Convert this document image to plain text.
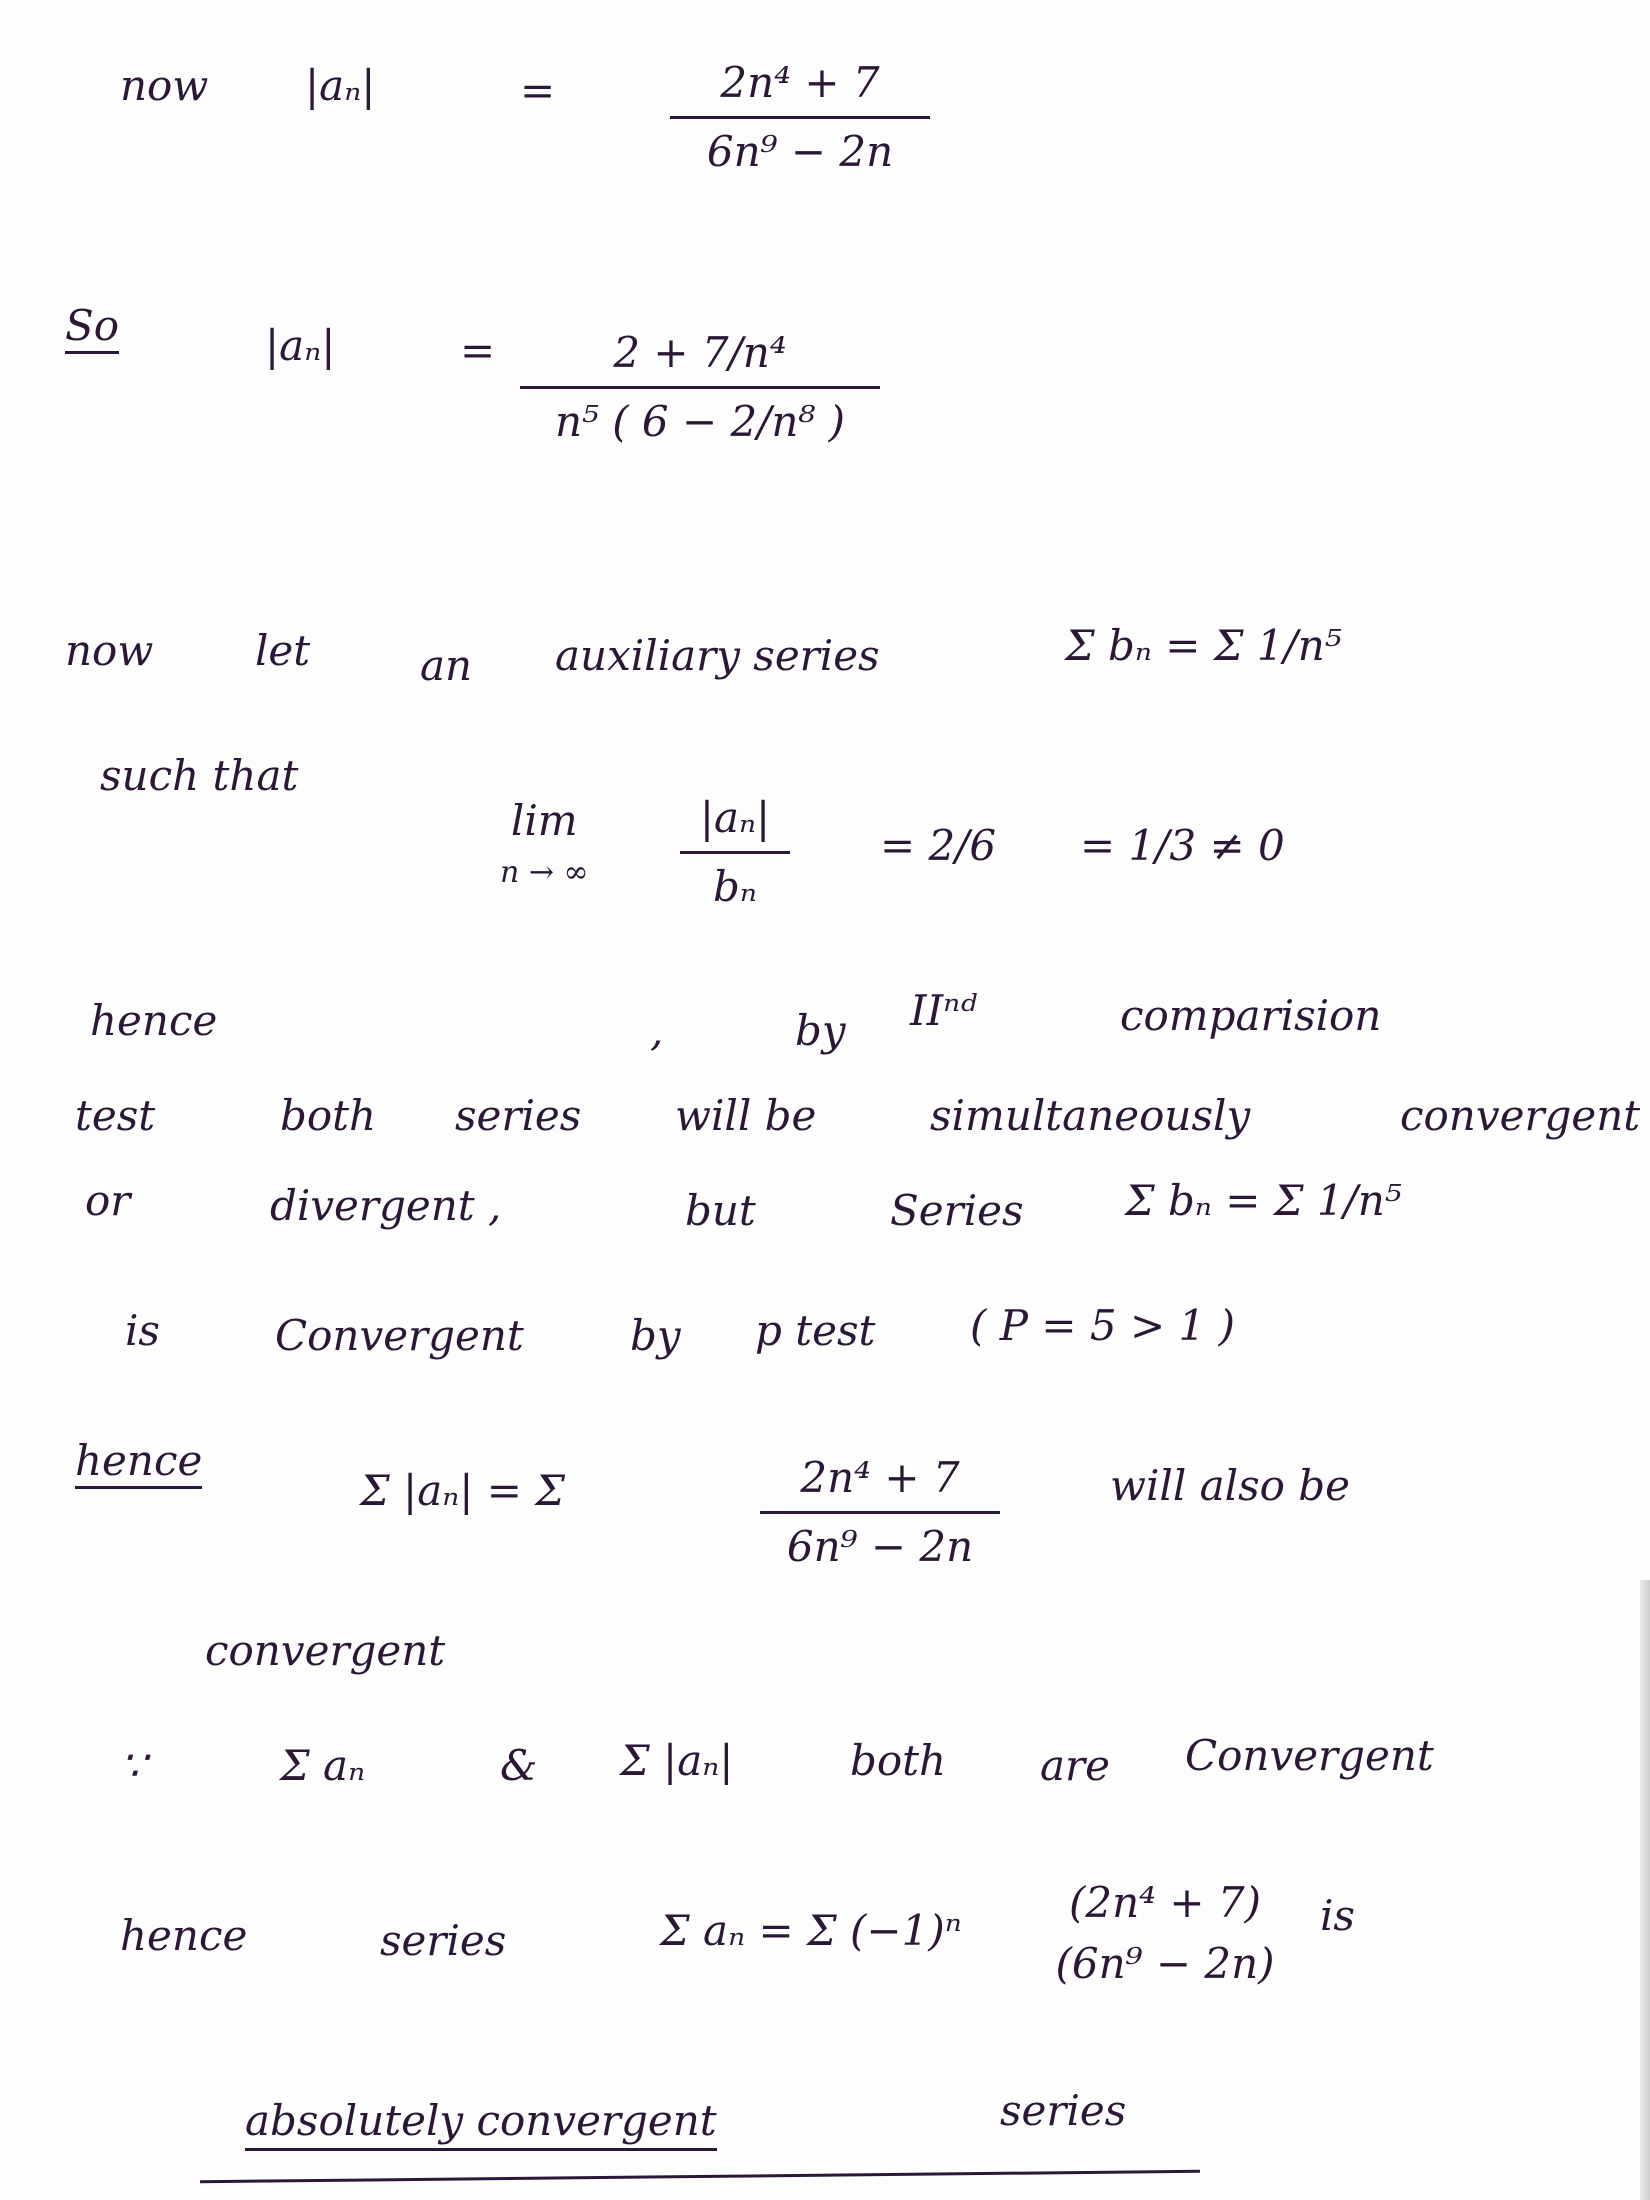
now |aₙ|	=	2n⁴ + 7
6n⁹ − 2n
So	|aₙ|	=	2 + 7/n⁴
n⁵ ( 6 − 2/n⁸ )
now let	an auxiliary series	Σ bₙ = Σ 1/n⁵
such that
lim
n → ∞
|aₙ|
bₙ
= 2/6 = 1/3 ≠ 0
hence	,	by IIⁿᵈ	comparision
test	both series will be	simultaneously	convergent
or	divergent ,	but	Series Σ bₙ = Σ 1/n⁵
is	Convergent	by p test ( P = 5 > 1 )
hence
Σ |aₙ| = Σ	2n⁴ + 7
6n⁹ − 2n
will also be
convergent
∵	Σ aₙ	& Σ |aₙ|	both are Convergent
hence	series	Σ aₙ = Σ (−1)ⁿ
(2n⁴ + 7)
(6n⁹ − 2n)
is
absolutely convergent	series
